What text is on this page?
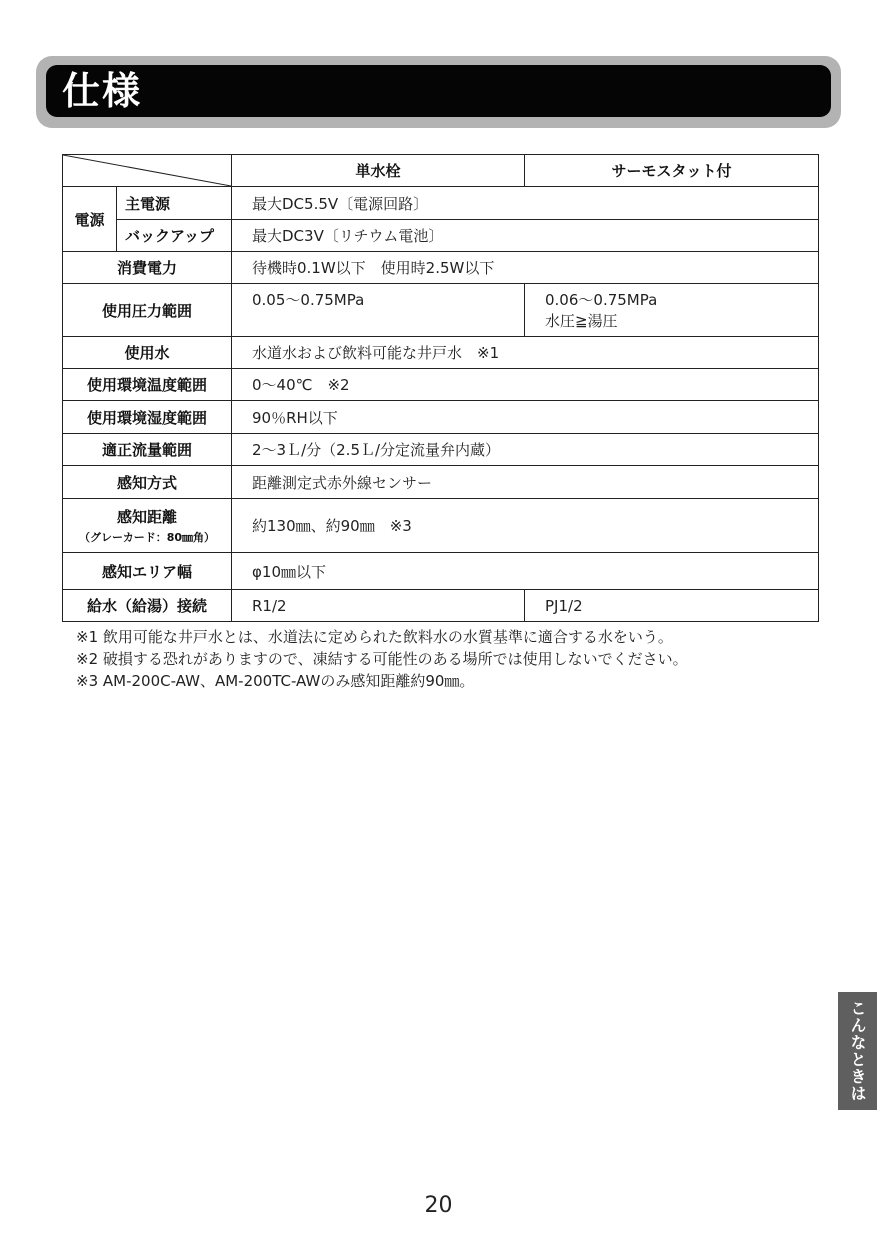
仕様
	単水栓	サーモスタット付
電源	主電源	最大DC5.5V〔電源回路〕	
	バックアップ	最大DC3V〔リチウム電池〕	
消費電力		待機時0.1W以下　使用時2.5W以下	
使用圧力範囲		0.05〜0.75MPa	0.06〜0.75MPa
水圧≧湯圧

使用水		水道水および飲料可能な井戸水　※1	
使用環境温度範囲		0〜40℃　※2	
使用環境湿度範囲		90％RH以下	
適正流量範囲		2〜3Ｌ/分（2.5Ｌ/分定流量弁内蔵）	
感知方式		距離測定式赤外線センサー	

感知距離
（グレーカード：80㎜角）		約130㎜、約90㎜　※3	
感知エリア幅		φ10㎜以下	
給水（給湯）接続		R1/2	PJ1/2
※1 飲用可能な井戸水とは、水道法に定められた飲料水の水質基準に適合する水をいう。
※2 破損する恐れがありますので、凍結する可能性のある場所では使用しないでください。
※3 AM-200C-AW、AM-200TC-AWのみ感知距離約90㎜。
こんなときは
20
